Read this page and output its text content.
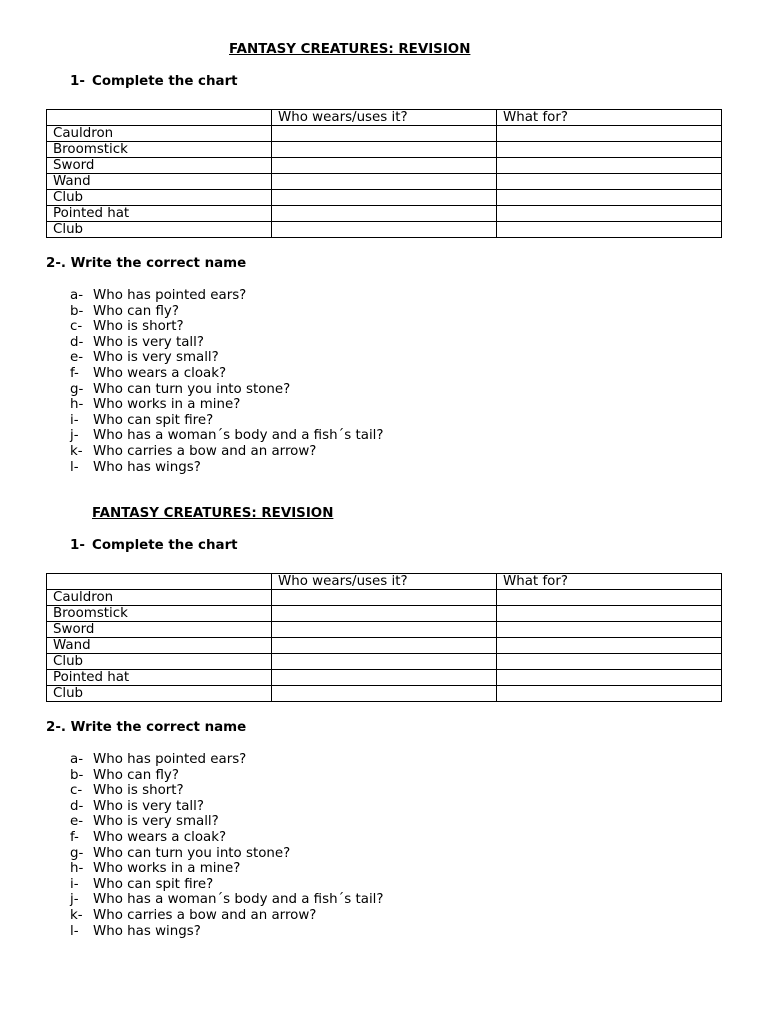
FANTASY CREATURES: REVISION
1- Complete the chart
	Who wears/uses it?	What for?
Cauldron		
Broomstick		
Sword		
Wand		
Club		
Pointed hat		
Club		
2-. Write the correct name
a- Who has pointed ears?
b- Who can fly?
c- Who is short?
d- Who is very tall?
e- Who is very small?
f- Who wears a cloak?
g- Who can turn you into stone?
h- Who works in a mine?
i- Who can spit fire?
j- Who has a woman´s body and a fish´s tail?
k- Who carries a bow and an arrow?
l- Who has wings?
FANTASY CREATURES: REVISION
1- Complete the chart
	Who wears/uses it?	What for?
Cauldron		
Broomstick		
Sword		
Wand		
Club		
Pointed hat		
Club		
2-. Write the correct name
a- Who has pointed ears?
b- Who can fly?
c- Who is short?
d- Who is very tall?
e- Who is very small?
f- Who wears a cloak?
g- Who can turn you into stone?
h- Who works in a mine?
i- Who can spit fire?
j- Who has a woman´s body and a fish´s tail?
k- Who carries a bow and an arrow?
l- Who has wings?
